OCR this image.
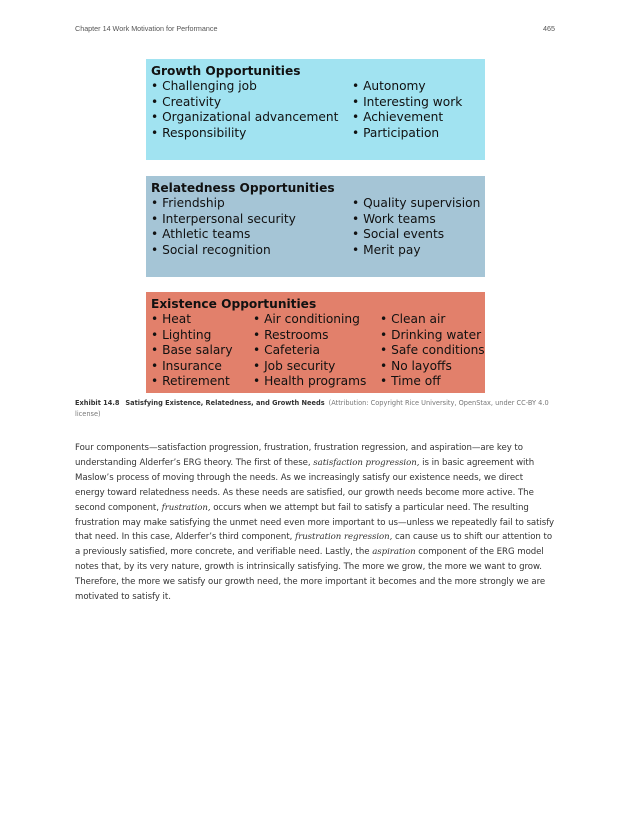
Chapter 14 Work Motivation for Performance	465
Growth Opportunities
• Challenging job
• Creativity
• Organizational advancement
• Responsibility
• Autonomy
• Interesting work
• Achievement
• Participation
Relatedness Opportunities
• Friendship
• Interpersonal security
• Athletic teams
• Social recognition
• Quality supervision
• Work teams
• Social events
• Merit pay
Existence Opportunities
• Heat
• Lighting
• Base salary
• Insurance
• Retirement
• Air conditioning
• Restrooms
• Cafeteria
• Job security
• Health programs
• Clean air
• Drinking water
• Safe conditions
• No layoffs
• Time off
Exhibit 14.8 Satisfying Existence, Relatedness, and Growth Needs (Attribution: Copyright Rice University, OpenStax, under CC-BY 4.0 license)

Four components—satisfaction progression, frustration, frustration regression, and aspiration—are key to understanding Alderfer’s ERG theory. The first of these, satisfaction progression, is in basic agreement with Maslow’s process of moving through the needs. As we increasingly satisfy our existence needs, we direct energy toward relatedness needs. As these needs are satisfied, our growth needs become more active. The second component, frustration, occurs when we attempt but fail to satisfy a particular need. The resulting frustration may make satisfying the unmet need even more important to us—unless we repeatedly fail to satisfy that need. In this case, Alderfer’s third component, frustration regression, can cause us to shift our attention to a previously satisfied, more concrete, and verifiable need. Lastly, the aspiration component of the ERG model notes that, by its very nature, growth is intrinsically satisfying. The more we grow, the more we want to grow. Therefore, the more we satisfy our growth need, the more important it becomes and the more strongly we are motivated to satisfy it.
